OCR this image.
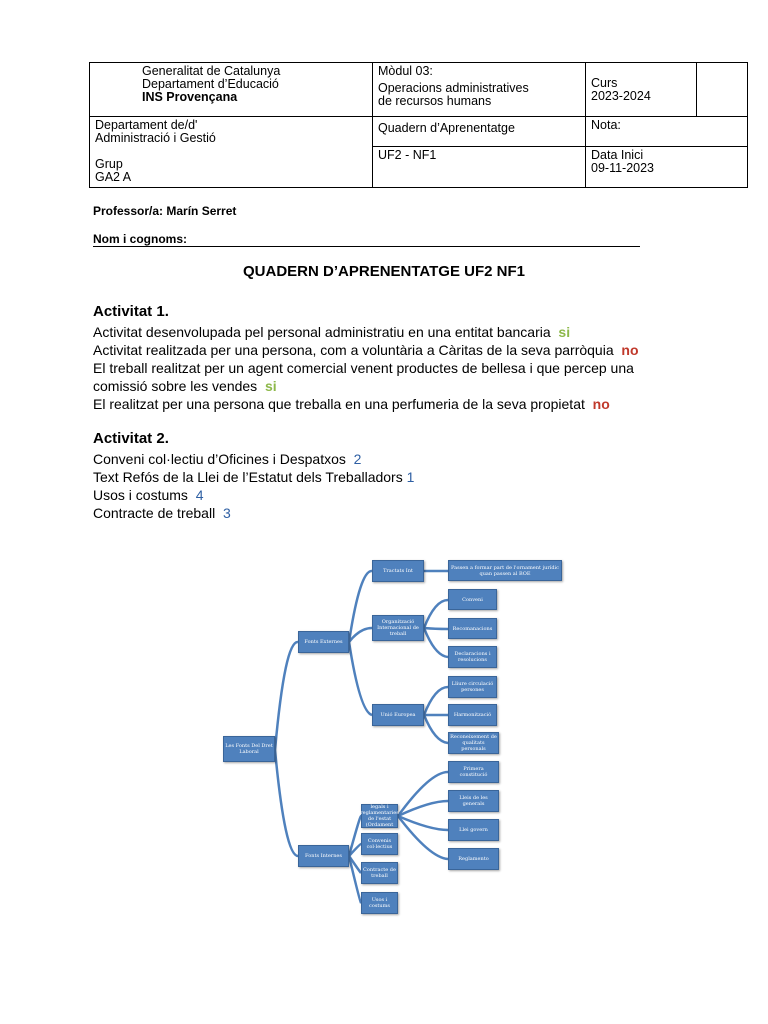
Generalitat de Catalunya
Departament d’Educació
INS Provençana	Mòdul 03:
Operacions administratives
de recursos humans	Curs
2023-2024	

Departament de/d'
Administració i Gestió
Grup
GA2 A	Quadern d’Aprenentatge	Nota:	
	UF2 - NF1	Data Inici
09-11-2023	
Professor/a: Marín Serret
Nom i cognoms:
QUADERN D’APRENENTATGE UF2 NF1
Activitat 1.
Activitat desenvolupada pel personal administratiu en una entitat bancaria si
Activitat realitzada per una persona, com a voluntària a Càritas de la seva parròquia no
El treball realitzat per un agent comercial venent productes de bellesa i que percep una
comissió sobre les vendes si
El realitzat per una persona que treballa en una perfumeria de la seva propietat no
Activitat 2.
Conveni col·lectiu d’Oficines i Despatxos 2
Text Refós de la Llei de l’Estatut dels Treballadors 1
Usos i costums 4
Contracte de treball 3
Les Fonts Del Dret Laboral
Fonts Externes
Fonts Internes
Tractats Int
Passen a formar part de l'ornament jurídic quan passen al BOE
Organització Internacional de treball
Conveni
Recomanacions
Declaracions i resolucions
Unió Europea
Lliure circulació persones
Harmonització
Reconeixement de qualitats personals
legals i reglamentaries de l'estat (Ordament
Convenis col·lectius
Contracte de treball
Usos i costums
Primera constitució
Lleis de les generals
Llei govern
Reglamento
